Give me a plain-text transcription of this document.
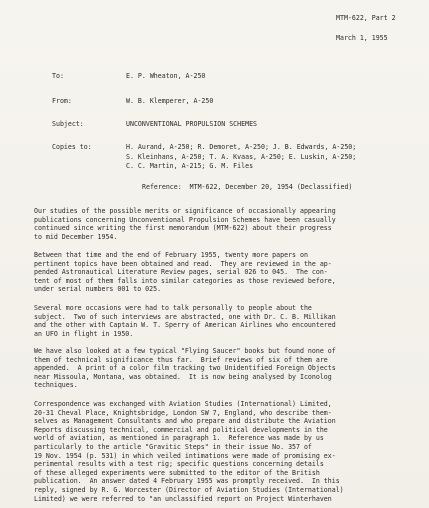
MTM-622, Part 2
March 1, 1955
To:	E. P. Wheaton, A-250
From:	W. B. Klemperer, A-250
Subject:	UNCONVENTIONAL PROPULSION SCHEMES
Copies to:	H. Aurand, A-250; R. Demoret, A-250; J. B. Edwards, A-250;
S. Kleinhans, A-250; T. A. Kvaas, A-250; E. Luskin, A-250;
C. C. Martin, A-215; G. M. Files
Reference:  MTM-622, December 20, 1954 (Declassified)
Our studies of the possible merits or significance of occasionally appearing
publications concerning Unconventional Propulsion Schemes have been casually
continued since writing the first memorandum (MTM-622) about their progress
to mid December 1954.
Between that time and the end of February 1955, twenty more papers on
pertinent topics have been obtained and read.  They are reviewed in the ap-
pended Astronautical Literature Review pages, serial 026 to 045.  The con-
tent of most of them falls into similar categories as those reviewed before,
under serial numbers 001 to 025.
Several more occasions were had to talk personally to people about the
subject.  Two of such interviews are abstracted, one with Dr. C. B. Millikan
and the other with Captain W. T. Sperry of American Airlines who encountered
an UFO in flight in 1950.
We have also looked at a few typical "Flying Saucer" books but found none of
them of technical significance thus far.  Brief reviews of six of them are
appended.  A print of a color film tracking two Unidentified Foreign Objects
near Missoula, Montana, was obtained.  It is now being analysed by Iconolog
techniques.
Correspondence was exchanged with Aviation Studies (International) Limited,
20-31 Cheval Place, Knightsbridge, London SW 7, England, who describe them-
selves as Management Consultants and who prepare and distribute the Aviation
Reports discussing technical, commercial and political developments in the
world of aviation, as mentioned in paragraph 1.  Reference was made by us
particularly to the article "Gravitic Steps" in their issue No. 357 of
19 Nov. 1954 (p. 531) in which veiled intimations were made of promising ex-
perimental results with a test rig; specific questions concerning details
of these alleged experiments were submitted to the editor of the British
publication.  An answer dated 4 February 1955 was promptly received.  In this
reply, signed by R. G. Worcester (Director of Aviation Studies (International)
Limited) we were referred to "an unclassified report on Project Winterhaven
